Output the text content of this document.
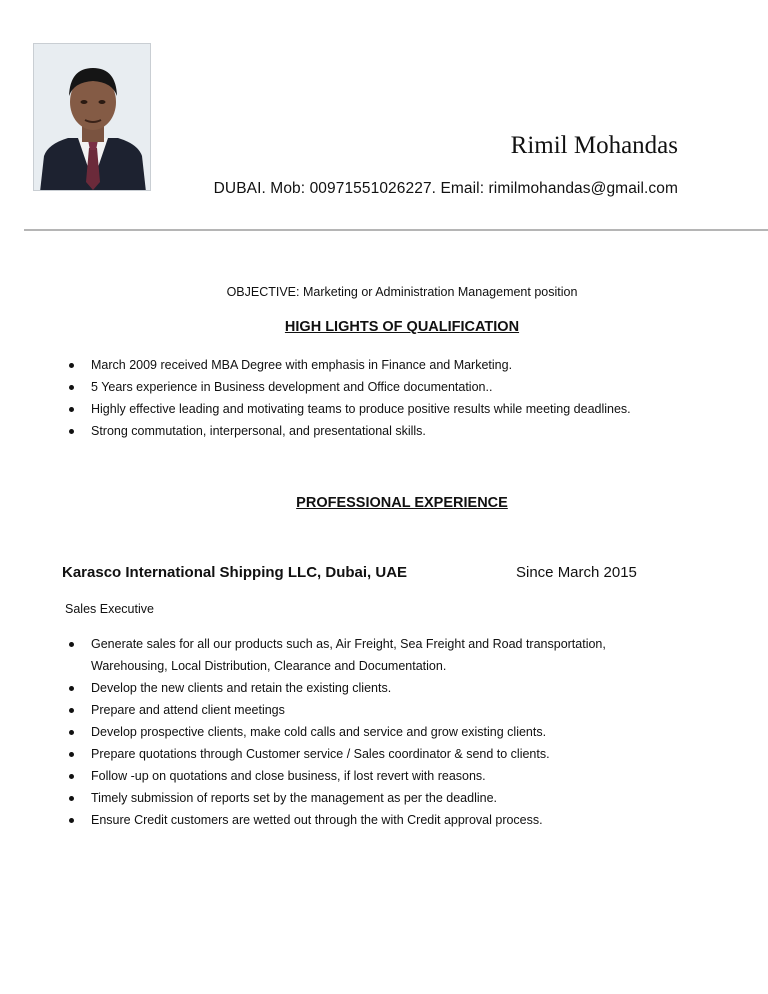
Rimil Mohandas
DUBAI. Mob: 00971551026227. Email: rimilmohandas@gmail.com
OBJECTIVE: Marketing or Administration Management position
HIGH LIGHTS OF QUALIFICATION
March 2009 received MBA Degree with emphasis in Finance and Marketing.
5 Years experience in Business development and Office documentation..
Highly effective leading and motivating teams to produce positive results while meeting deadlines.
Strong commutation, interpersonal, and presentational skills.
PROFESSIONAL EXPERIENCE
Karasco International Shipping LLC, Dubai, UAE	Since March 2015
Sales Executive
Generate sales for all our products such as, Air Freight, Sea Freight and Road transportation,
Warehousing, Local Distribution, Clearance and Documentation.
Develop the new clients and retain the existing clients.
Prepare and attend client meetings
Develop prospective clients, make cold calls and service and grow existing clients.
Prepare quotations through Customer service / Sales coordinator & send to clients.
Follow -up on quotations and close business, if lost revert with reasons.
Timely submission of reports set by the management as per the deadline.
Ensure Credit customers are wetted out through the with Credit approval process.
